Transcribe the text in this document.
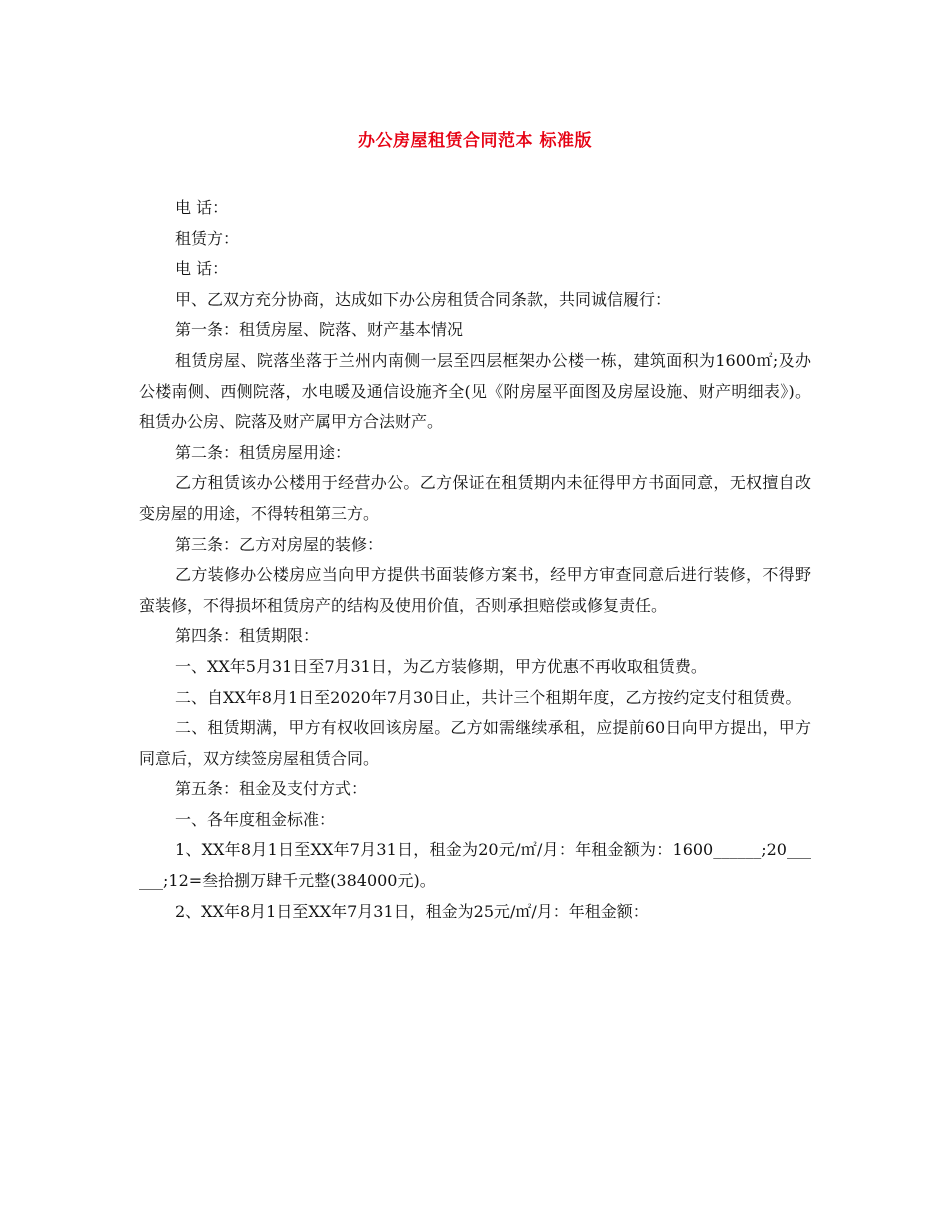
办公房屋租赁合同范本 标准版

电 话：

租赁方：

电 话：

甲、乙双方充分协商，达成如下办公房租赁合同条款，共同诚信履行：

第一条：租赁房屋、院落、财产基本情况

租赁房屋、院落坐落于兰州内南侧一层至四层框架办公楼一栋，建筑面积为1600㎡;及办公楼南侧、西侧院落，水电暖及通信设施齐全(见《附房屋平面图及房屋设施、财产明细表》)。租赁办公房、院落及财产属甲方合法财产。

第二条：租赁房屋用途：

乙方租赁该办公楼用于经营办公。乙方保证在租赁期内未征得甲方书面同意，无权擅自改变房屋的用途，不得转租第三方。

第三条：乙方对房屋的装修：

乙方装修办公楼房应当向甲方提供书面装修方案书，经甲方审查同意后进行装修，不得野蛮装修，不得损坏租赁房产的结构及使用价值，否则承担赔偿或修复责任。

第四条：租赁期限：

一、XX年5月31日至7月31日，为乙方装修期，甲方优惠不再收取租赁费。

二、自XX年8月1日至2020年7月30日止，共计三个租期年度，乙方按约定支付租赁费。

二、租赁期满，甲方有权收回该房屋。乙方如需继续承租，应提前60日向甲方提出，甲方同意后，双方续签房屋租赁合同。

第五条：租金及支付方式：

一、各年度租金标准：

1、XX年8月1日至XX年7月31日，租金为20元/㎡/月：年租金额为：1600______;20______;12=叁拾捌万肆千元整(384000元)。

2、XX年8月1日至XX年7月31日，租金为25元/㎡/月：年租金额：
